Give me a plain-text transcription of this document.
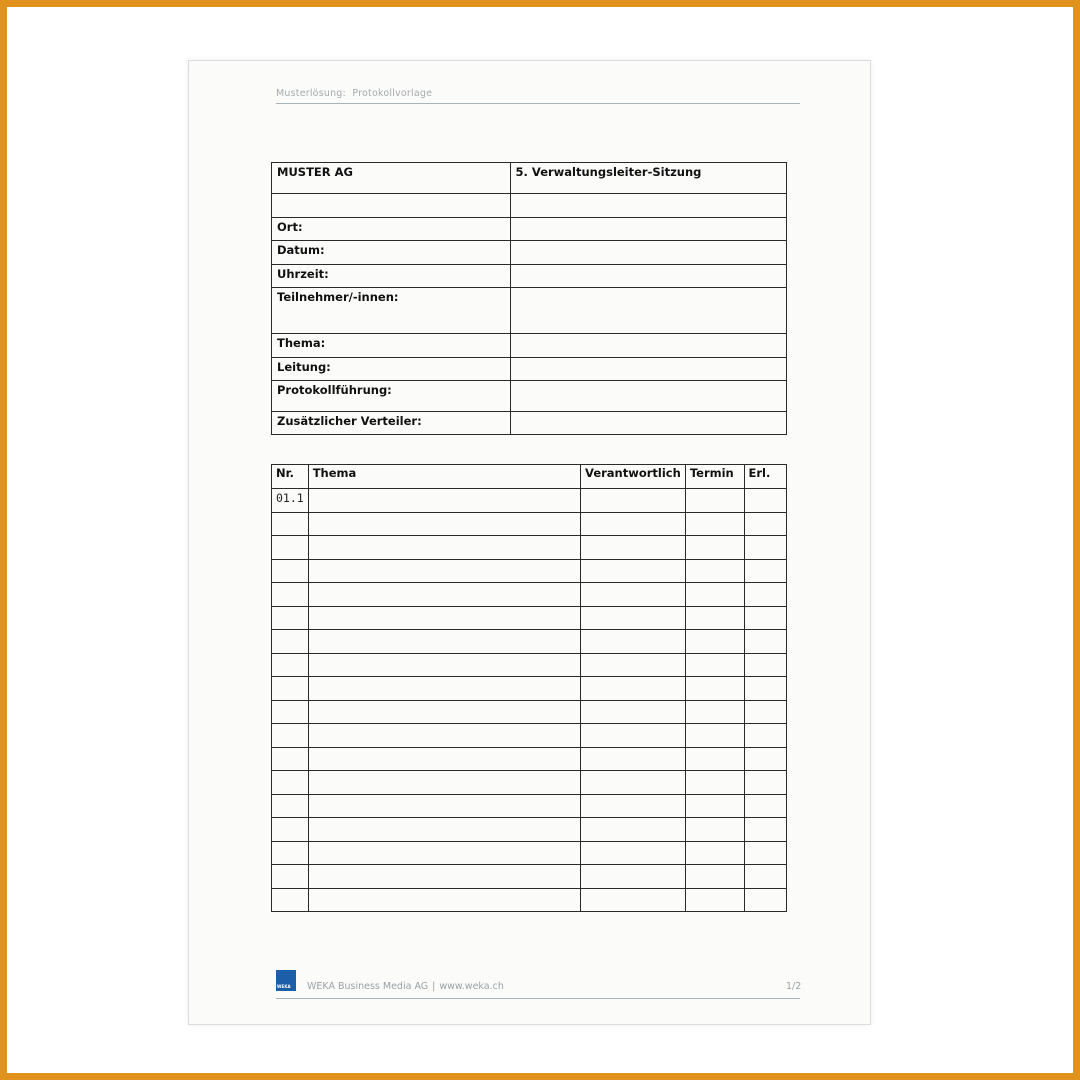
Musterlösung: Protokollvorlage
MUSTER AG	5. Verwaltungsleiter-Sitzung

Ort:	
Datum:	
Uhrzeit:	
Teilnehmer/-innen:	
Thema:	
Leitung:	
Protokollführung:	
Zusätzlicher Verteiler:	
Nr.	Thema	Verantwortlich	Termin	Erl.
01.1				

WEKA WEKA Business Media AG | www.weka.ch	1/2
